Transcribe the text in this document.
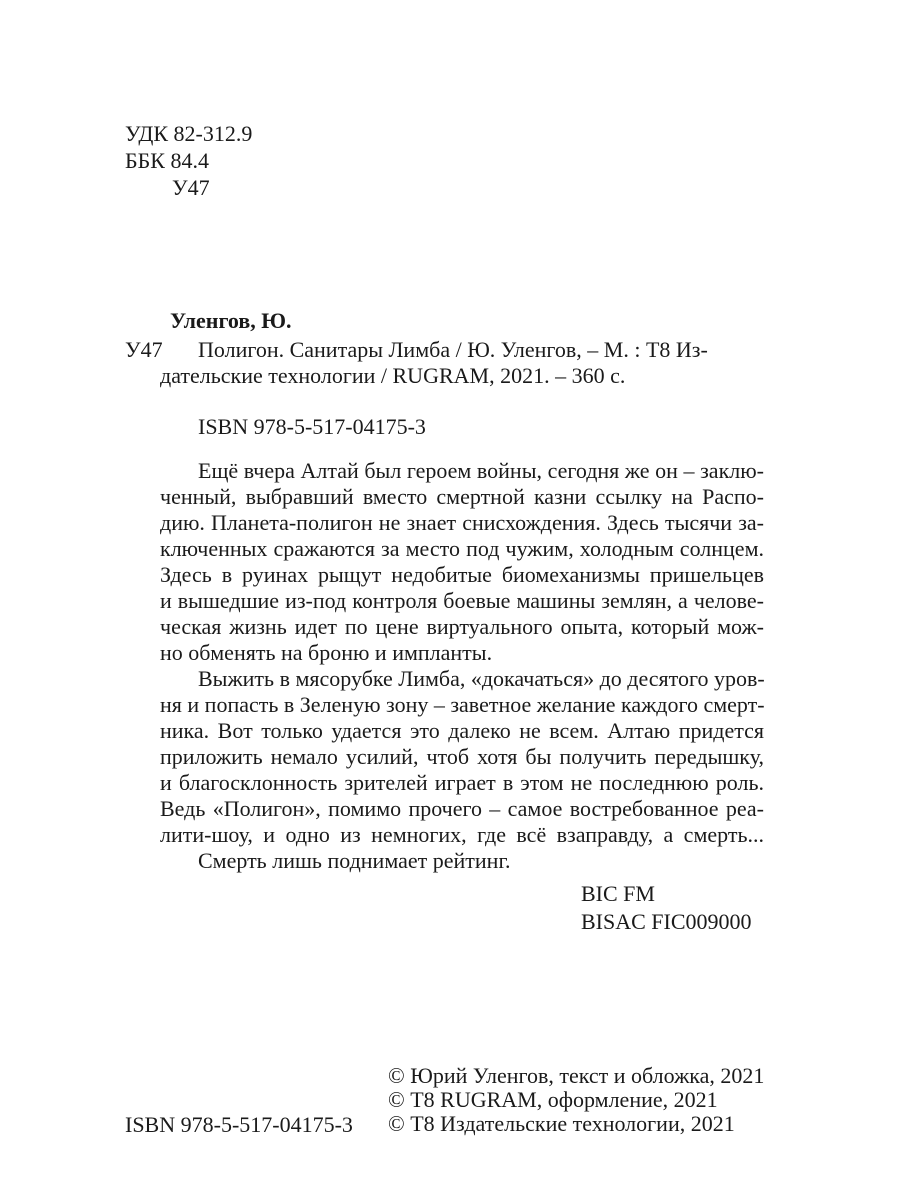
УДК 82-312.9
ББК 84.4
У47

Уленгов, Ю.

У47 Полигон. Санитары Лимба / Ю. Уленгов, – М. : Т8 Из-
дательские технологии / RUGRAM, 2021. – 360 с.

ISBN 978-5-517-04175-3

Ещё вчера Алтай был героем войны, сегодня же он – заклю-
ченный, выбравший вместо смертной казни ссылку на Распо-
дию. Планета-полигон не знает снисхождения. Здесь тысячи за-
ключенных сражаются за место под чужим, холодным солнцем.
Здесь в руинах рыщут недобитые биомеханизмы пришельцев
и вышедшие из-под контроля боевые машины землян, а челове-
ческая жизнь идет по цене виртуального опыта, который мож-
но обменять на броню и импланты.
Выжить в мясорубке Лимба, «докачаться» до десятого уров-
ня и попасть в Зеленую зону – заветное желание каждого смерт-
ника. Вот только удается это далеко не всем. Алтаю придется
приложить немало усилий, чтоб хотя бы получить передышку,
и благосклонность зрителей играет в этом не последнюю роль.
Ведь «Полигон», помимо прочего – самое востребованное реа-
лити-шоу, и одно из немногих, где всё взаправду, а смерть...
Смерть лишь поднимает рейтинг.
BIC FM
BISAC FIC009000
© Юрий Уленгов, текст и обложка, 2021
© Т8 RUGRAM, оформление, 2021
© Т8 Издательские технологии, 2021

ISBN 978-5-517-04175-3
